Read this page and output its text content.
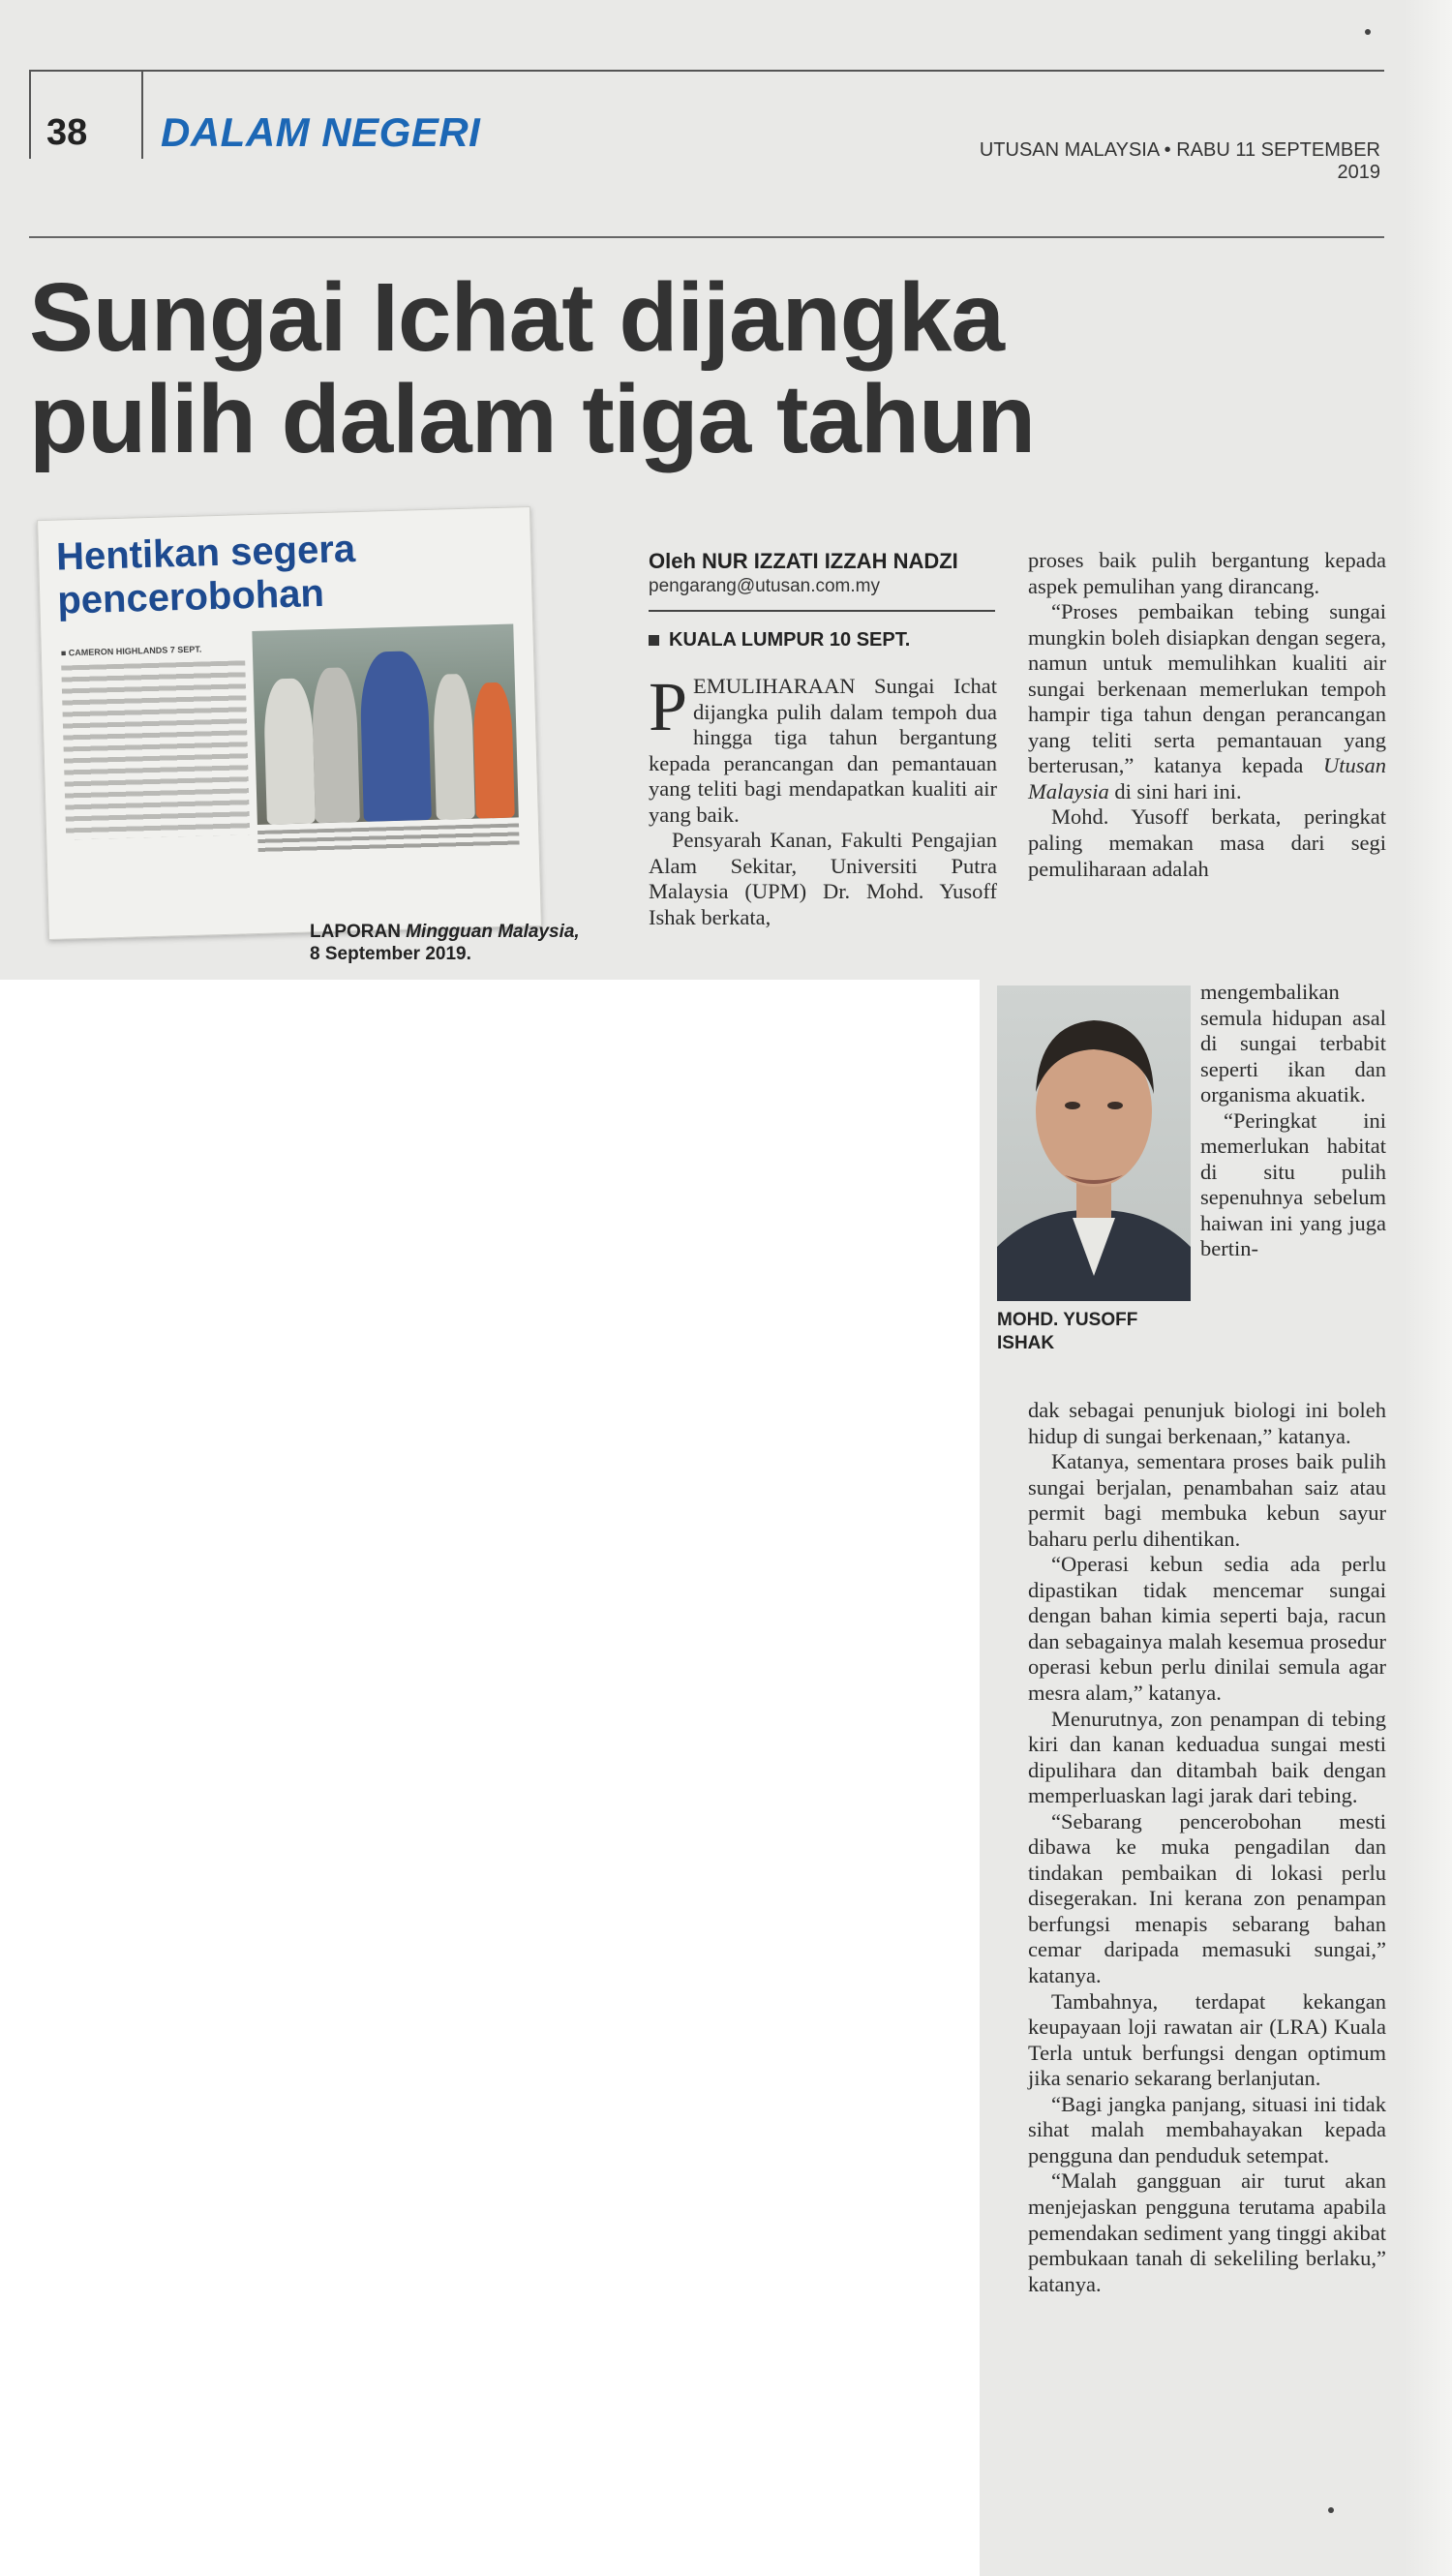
38 DALAM NEGERI	UTUSAN MALAYSIA • RABU 11 SEPTEMBER 2019
Sungai Ichat dijangka
pulih dalam tiga tahun
Hentikan segera
pencerobohan
■ CAMERON HIGHLANDS 7 SEPT.
LAPORAN Mingguan Malaysia,
8 September 2019.
Oleh NUR IZZATI IZZAH NADZI
pengarang@utusan.com.my
KUALA LUMPUR 10 SEPT.

PEMULIHARAAN Sungai Ichat dijangka pulih dalam tempoh dua hingga tiga tahun bergantung kepada perancangan dan pemantauan yang teliti bagi mendapatkan kualiti air yang baik.

Pensyarah Kanan, Fakulti Pengajian Alam Sekitar, Universiti Putra Malaysia (UPM) Dr. Mohd. Yusoff Ishak berkata,

proses baik pulih bergantung kepada aspek pemulihan yang dirancang.

“Proses pembaikan tebing sungai mungkin boleh disiapkan dengan segera, namun untuk memulihkan kualiti air sungai berkenaan memerlukan tempoh hampir tiga tahun dengan perancangan yang teliti serta pemantauan yang berterusan,” katanya kepada Utusan Malaysia di sini hari ini.

Mohd. Yusoff berkata, peringkat paling memakan masa dari segi pemuliharaan adalah

MOHD. YUSOFF ISHAK

mengembalikan semula hidupan asal di sungai terbabit seperti ikan dan organisma akuatik.

“Peringkat ini memerlukan habitat di situ pulih sepenuhnya sebelum haiwan ini yang juga bertin-

dak sebagai penunjuk biologi ini boleh hidup di sungai berkenaan,” katanya.

Katanya, sementara proses baik pulih sungai berjalan, penambahan saiz atau permit bagi membuka kebun sayur baharu perlu dihentikan.

“Operasi kebun sedia ada perlu dipastikan tidak mencemar sungai dengan bahan kimia seperti baja, racun dan sebagainya malah kesemua prosedur operasi kebun perlu dinilai semula agar mesra alam,” katanya.

Menurutnya, zon penampan di tebing kiri dan kanan keduadua sungai mesti dipulihara dan ditambah baik dengan memperluaskan lagi jarak dari tebing.

“Sebarang pencerobohan mesti dibawa ke muka pengadilan dan tindakan pembaikan di lokasi perlu disegerakan. Ini kerana zon penampan berfungsi menapis sebarang bahan cemar daripada memasuki sungai,” katanya.

Tambahnya, terdapat kekangan keupayaan loji rawatan air (LRA) Kuala Terla untuk berfungsi dengan optimum jika senario sekarang berlanjutan.

“Bagi jangka panjang, situasi ini tidak sihat malah membahayakan kepada pengguna dan penduduk setempat.

“Malah gangguan air turut akan menjejaskan pengguna terutama apabila pemendakan sediment yang tinggi akibat pembukaan tanah di sekeliling berlaku,” katanya.
